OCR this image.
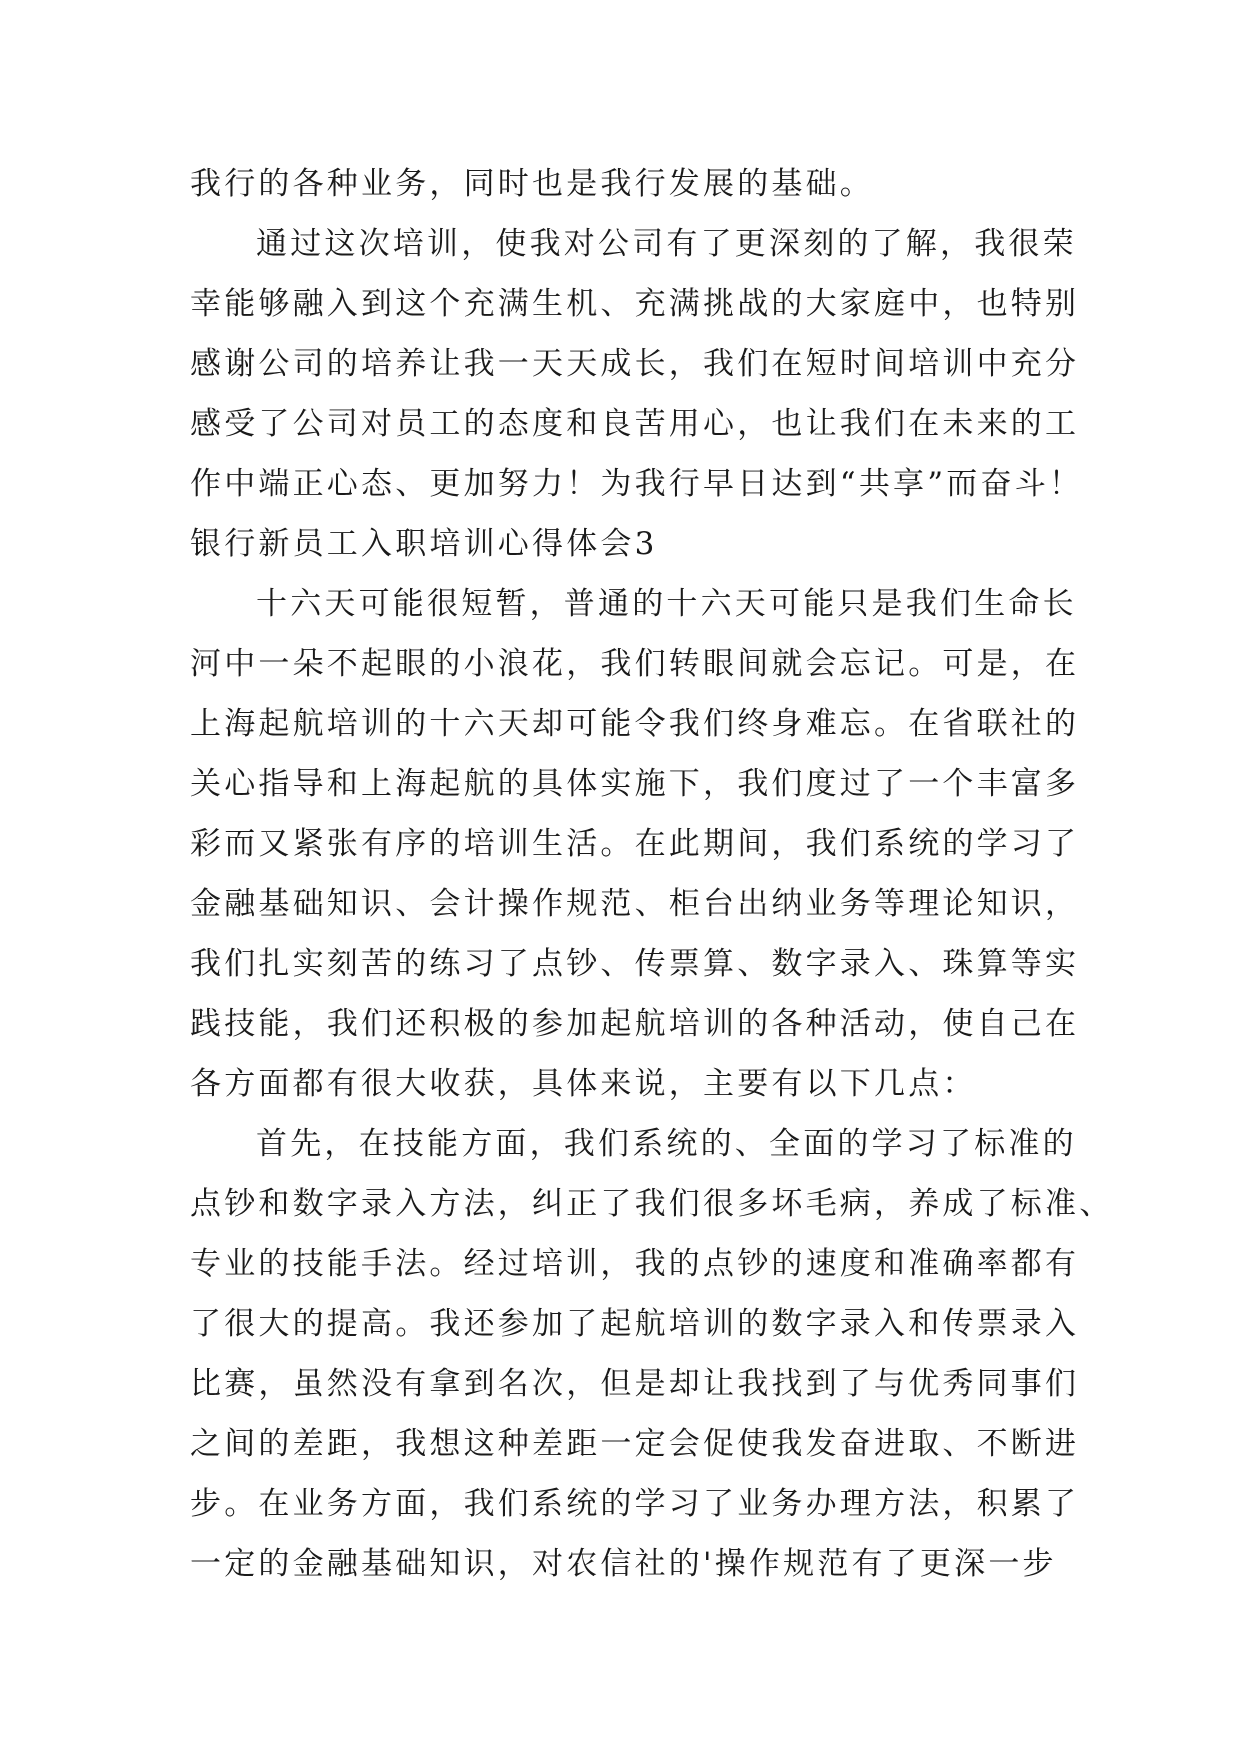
我行的各种业务，同时也是我行发展的基础。
通过这次培训，使我对公司有了更深刻的了解，我很荣
幸能够融入到这个充满生机、充满挑战的大家庭中，也特别
感谢公司的培养让我一天天成长，我们在短时间培训中充分
感受了公司对员工的态度和良苦用心，也让我们在未来的工
作中端正心态、更加努力！为我行早日达到“共享”而奋斗！
银行新员工入职培训心得体会3
十六天可能很短暂，普通的十六天可能只是我们生命长
河中一朵不起眼的小浪花，我们转眼间就会忘记。可是，在
上海起航培训的十六天却可能令我们终身难忘。在省联社的
关心指导和上海起航的具体实施下，我们度过了一个丰富多
彩而又紧张有序的培训生活。在此期间，我们系统的学习了
金融基础知识、会计操作规范、柜台出纳业务等理论知识，
我们扎实刻苦的练习了点钞、传票算、数字录入、珠算等实
践技能，我们还积极的参加起航培训的各种活动，使自己在
各方面都有很大收获，具体来说，主要有以下几点：
首先，在技能方面，我们系统的、全面的学习了标准的
点钞和数字录入方法，纠正了我们很多坏毛病，养成了标准、
专业的技能手法。经过培训，我的点钞的速度和准确率都有
了很大的提高。我还参加了起航培训的数字录入和传票录入
比赛，虽然没有拿到名次，但是却让我找到了与优秀同事们
之间的差距，我想这种差距一定会促使我发奋进取、不断进
步。在业务方面，我们系统的学习了业务办理方法，积累了
一定的金融基础知识，对农信社的'操作规范有了更深一步
